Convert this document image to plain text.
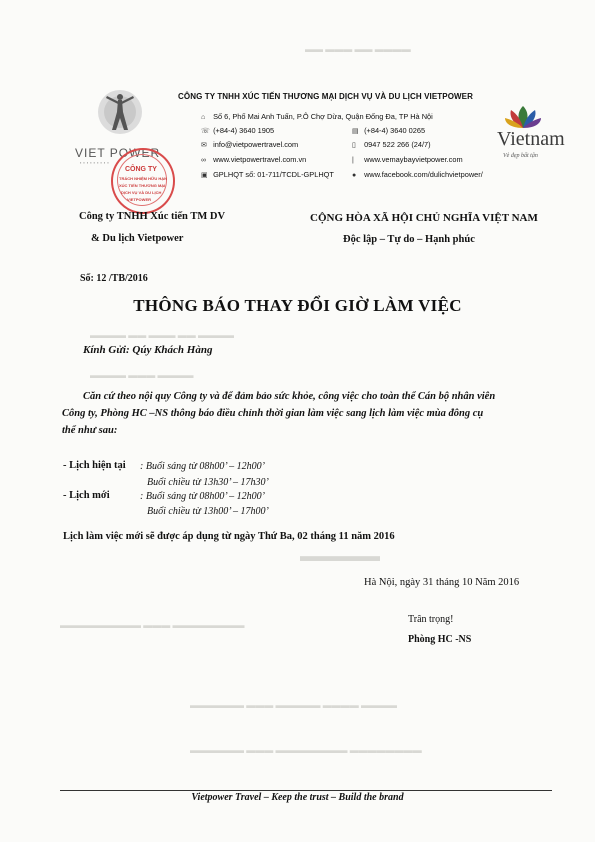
▬▬ ▬▬▬ ▬▬ ▬▬▬▬
▬▬▬▬ ▬▬ ▬▬▬ ▬▬ ▬▬▬▬
▬▬▬▬ ▬▬▬ ▬▬▬▬
▬▬▬▬▬
▬▬▬▬▬▬▬▬▬ ▬▬▬ ▬▬▬▬▬▬▬▬
▬▬▬▬▬▬ ▬▬▬ ▬▬▬▬▬ ▬▬▬▬ ▬▬▬▬
▬▬▬▬▬▬ ▬▬▬ ▬▬▬▬▬▬▬▬ ▬▬▬▬▬▬▬▬
VIET POWER
▪▪▪▪▪▪▪▪▪
CÔNG TY
TRÁCH NHIỆM HỮU HẠN
XÚC TIẾN THƯƠNG MẠI
DỊCH VỤ VÀ DU LỊCH
VIETPOWER
CÔNG TY TNHH XÚC TIẾN THƯƠNG MẠI DỊCH VỤ VÀ DU LỊCH VIETPOWER
⌂ Số 6, Phố Mai Anh Tuấn, P.Ô Chợ Dừa, Quận Đống Đa, TP Hà Nội
☏ (+84-4) 3640 1905	▤ (+84-4) 3640 0265
✉ info@vietpowertravel.com	▯ 0947 522 266 (24/7)
∞ www.vietpowertravel.com.vn	| www.vemaybayvietpower.com
▣ GPLHQT số: 01-711/TCDL-GPLHQT	● www.facebook.com/dulichvietpower/
Vietnam
Vẻ đẹp bất tận
Công ty TNHH Xúc tiến TM DV
& Du lịch Vietpower
CỘNG HÒA XÃ HỘI CHỦ NGHĨA VIỆT NAM
Độc lập – Tự do – Hạnh phúc
Số: 12 /TB/2016
THÔNG BÁO THAY ĐỔI GIỜ LÀM VIỆC
Kính Gửi: Qúy Khách Hàng
Căn cứ theo nội quy Công ty và để đảm bảo sức khỏe, công việc cho toàn thể Cán bộ nhân viên
Công ty, Phòng HC –NS thông báo điều chỉnh thời gian làm việc sang lịch làm việc mùa đông cụ
thể như sau:
- Lịch hiện tại : Buổi sáng từ 08h00’ – 12h00’
Buổi chiều từ 13h30’ – 17h30’
- Lịch mới	: Buổi sáng từ 08h00’ – 12h00’
Buổi chiều từ 13h00’ – 17h00’
Lịch làm việc mới sẽ được áp dụng từ ngày Thứ Ba, 02 tháng 11 năm 2016
Hà Nội, ngày 31 tháng 10 Năm 2016
Trân trọng!
Phòng HC -NS
Vietpower Travel – Keep the trust – Build the brand
